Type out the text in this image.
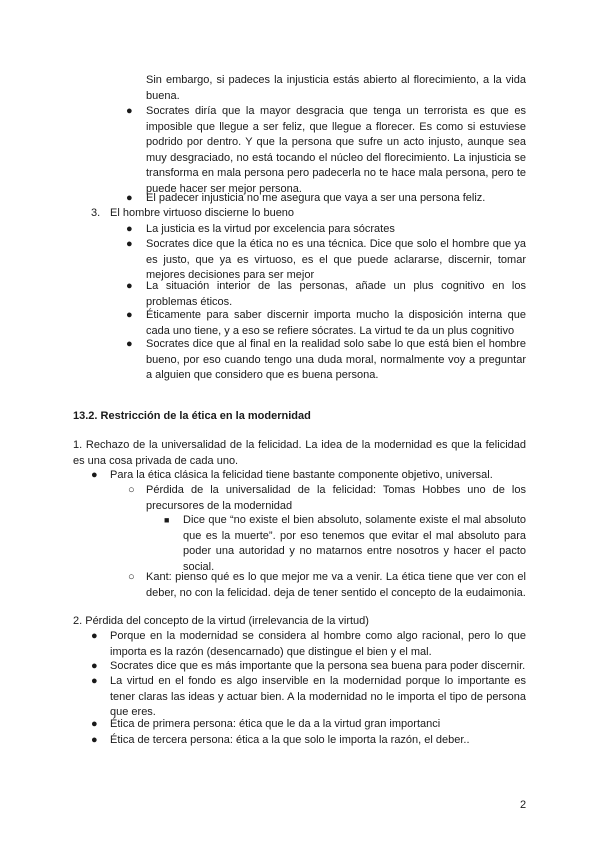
Sin embargo, si padeces la injusticia estás abierto al florecimiento, a la vida buena.

● Socrates diría que la mayor desgracia que tenga un terrorista es que es imposible que llegue a ser feliz, que llegue a florecer. Es como si estuviese podrido por dentro. Y que la persona que sufre un acto injusto, aunque sea muy desgraciado, no está tocando el núcleo del florecimiento. La injusticia se transforma en mala persona pero padecerla no te hace mala persona, pero te puede hacer ser mejor persona.

● El padecer injusticia no me asegura que vaya a ser una persona feliz.

3. El hombre virtuoso discierne lo bueno

● La justicia es la virtud por excelencia para sócrates

● Socrates dice que la ética no es una técnica. Dice que solo el hombre que ya es justo, que ya es virtuoso, es el que puede aclararse, discernir, tomar mejores decisiones para ser mejor

● La situación interior de las personas, añade un plus cognitivo en los problemas éticos.

● Éticamente para saber discernir importa mucho la disposición interna que cada uno tiene, y a eso se refiere sócrates. La virtud te da un plus cognitivo

● Socrates dice que al final en la realidad solo sabe lo que está bien el hombre bueno, por eso cuando tengo una duda moral, normalmente voy a preguntar a alguien que considero que es buena persona.

13.2. Restricción de la ética en la modernidad

1. Rechazo de la universalidad de la felicidad. La idea de la modernidad es que la felicidad es una cosa privada de cada uno.

● Para la ética clásica la felicidad tiene bastante componente objetivo, universal.

○ Pérdida de la universalidad de la felicidad: Tomas Hobbes uno de los precursores de la modernidad

■ Dice que “no existe el bien absoluto, solamente existe el mal absoluto que es la muerte”. por eso tenemos que evitar el mal absoluto para poder una autoridad y no matarnos entre nosotros y hacer el pacto social.

○ Kant: pienso qué es lo que mejor me va a venir. La ética tiene que ver con el deber, no con la felicidad. deja de tener sentido el concepto de la eudaimonia.

2. Pérdida del concepto de la virtud (irrelevancia de la virtud)

● Porque en la modernidad se considera al hombre como algo racional, pero lo que importa es la razón (desencarnado) que distingue el bien y el mal.

● Socrates dice que es más importante que la persona sea buena para poder discernir.

● La virtud en el fondo es algo inservible en la modernidad porque lo importante es tener claras las ideas y actuar bien. A la modernidad no le importa el tipo de persona que eres.

● Ética de primera persona: ética que le da a la virtud gran importanci

● Ética de tercera persona: ética a la que solo le importa la razón, el deber..

2
